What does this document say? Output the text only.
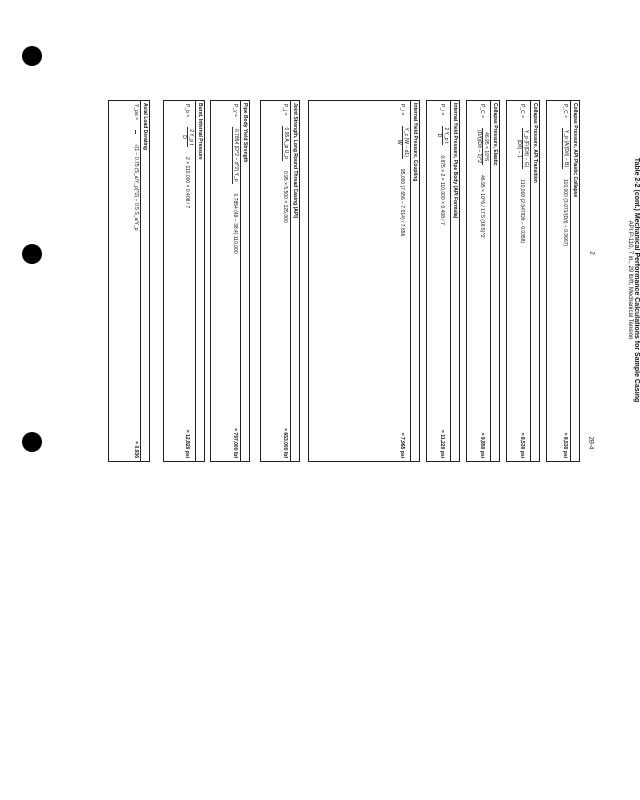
Table 2-2 (cont.) Mechanical Performance Calculations for Sample Casing
API P-110, 7 in., 29 lb/ft, Mechanical Tension
Collapse Pressure, API Plastic Collapse
P_C =
Y_p (A/(D/t) − B)
110,000 (3.071/(D/t) − 0.0667)
= 8,530 psi
Collapse Pressure, API Transition
P_C =
Y_p (F/(D/t) − G)
(D/t) − 1
110,000 (2.047/D/t − 0.0358)
= 8,530 psi
Collapse Pressure, Elastic
P_C =
46.95 × 10^6
(D/t)(D/t − 1)^2
46.95 × 10^6 / 17.5 (16.5)^2
= 9,850 psi
Internal Yield Pressure, Pipe Body (API Formula)
P_i =
2 Y_p t
D
0.875 × 2 × 110,000 × 0.408 / 7
= 11,220 psi
Internal Yield Pressure, Coupling
P_i =
Y_c (W − d1)
W
95,000 (7.656 − 7.014) / 7.656
= 7,965 psi
Joint Strength, Long Round Thread Casing (API)
P_j =
0.95 A_jp U_p
0.95 × 5.500 × 125,000
= 653,000 lbf
Pipe Body Yield Strength
P_y =
0.7854 (D^2 − d^2) Y_p
0.7854 (49 − 38.4) 110,000
= 797,000 lbf
Burst, Internal Pressure
P_b =
2 Y_p t
D
2 × 110,000 × 0.408 / 7
= 12,820 psi
Axial Load Derating
Y_pa =
√(1 − 0.75 (S_a/Y_p)^2) − 0.5 S_a/Y_p
= 0.936
2
2B-4
